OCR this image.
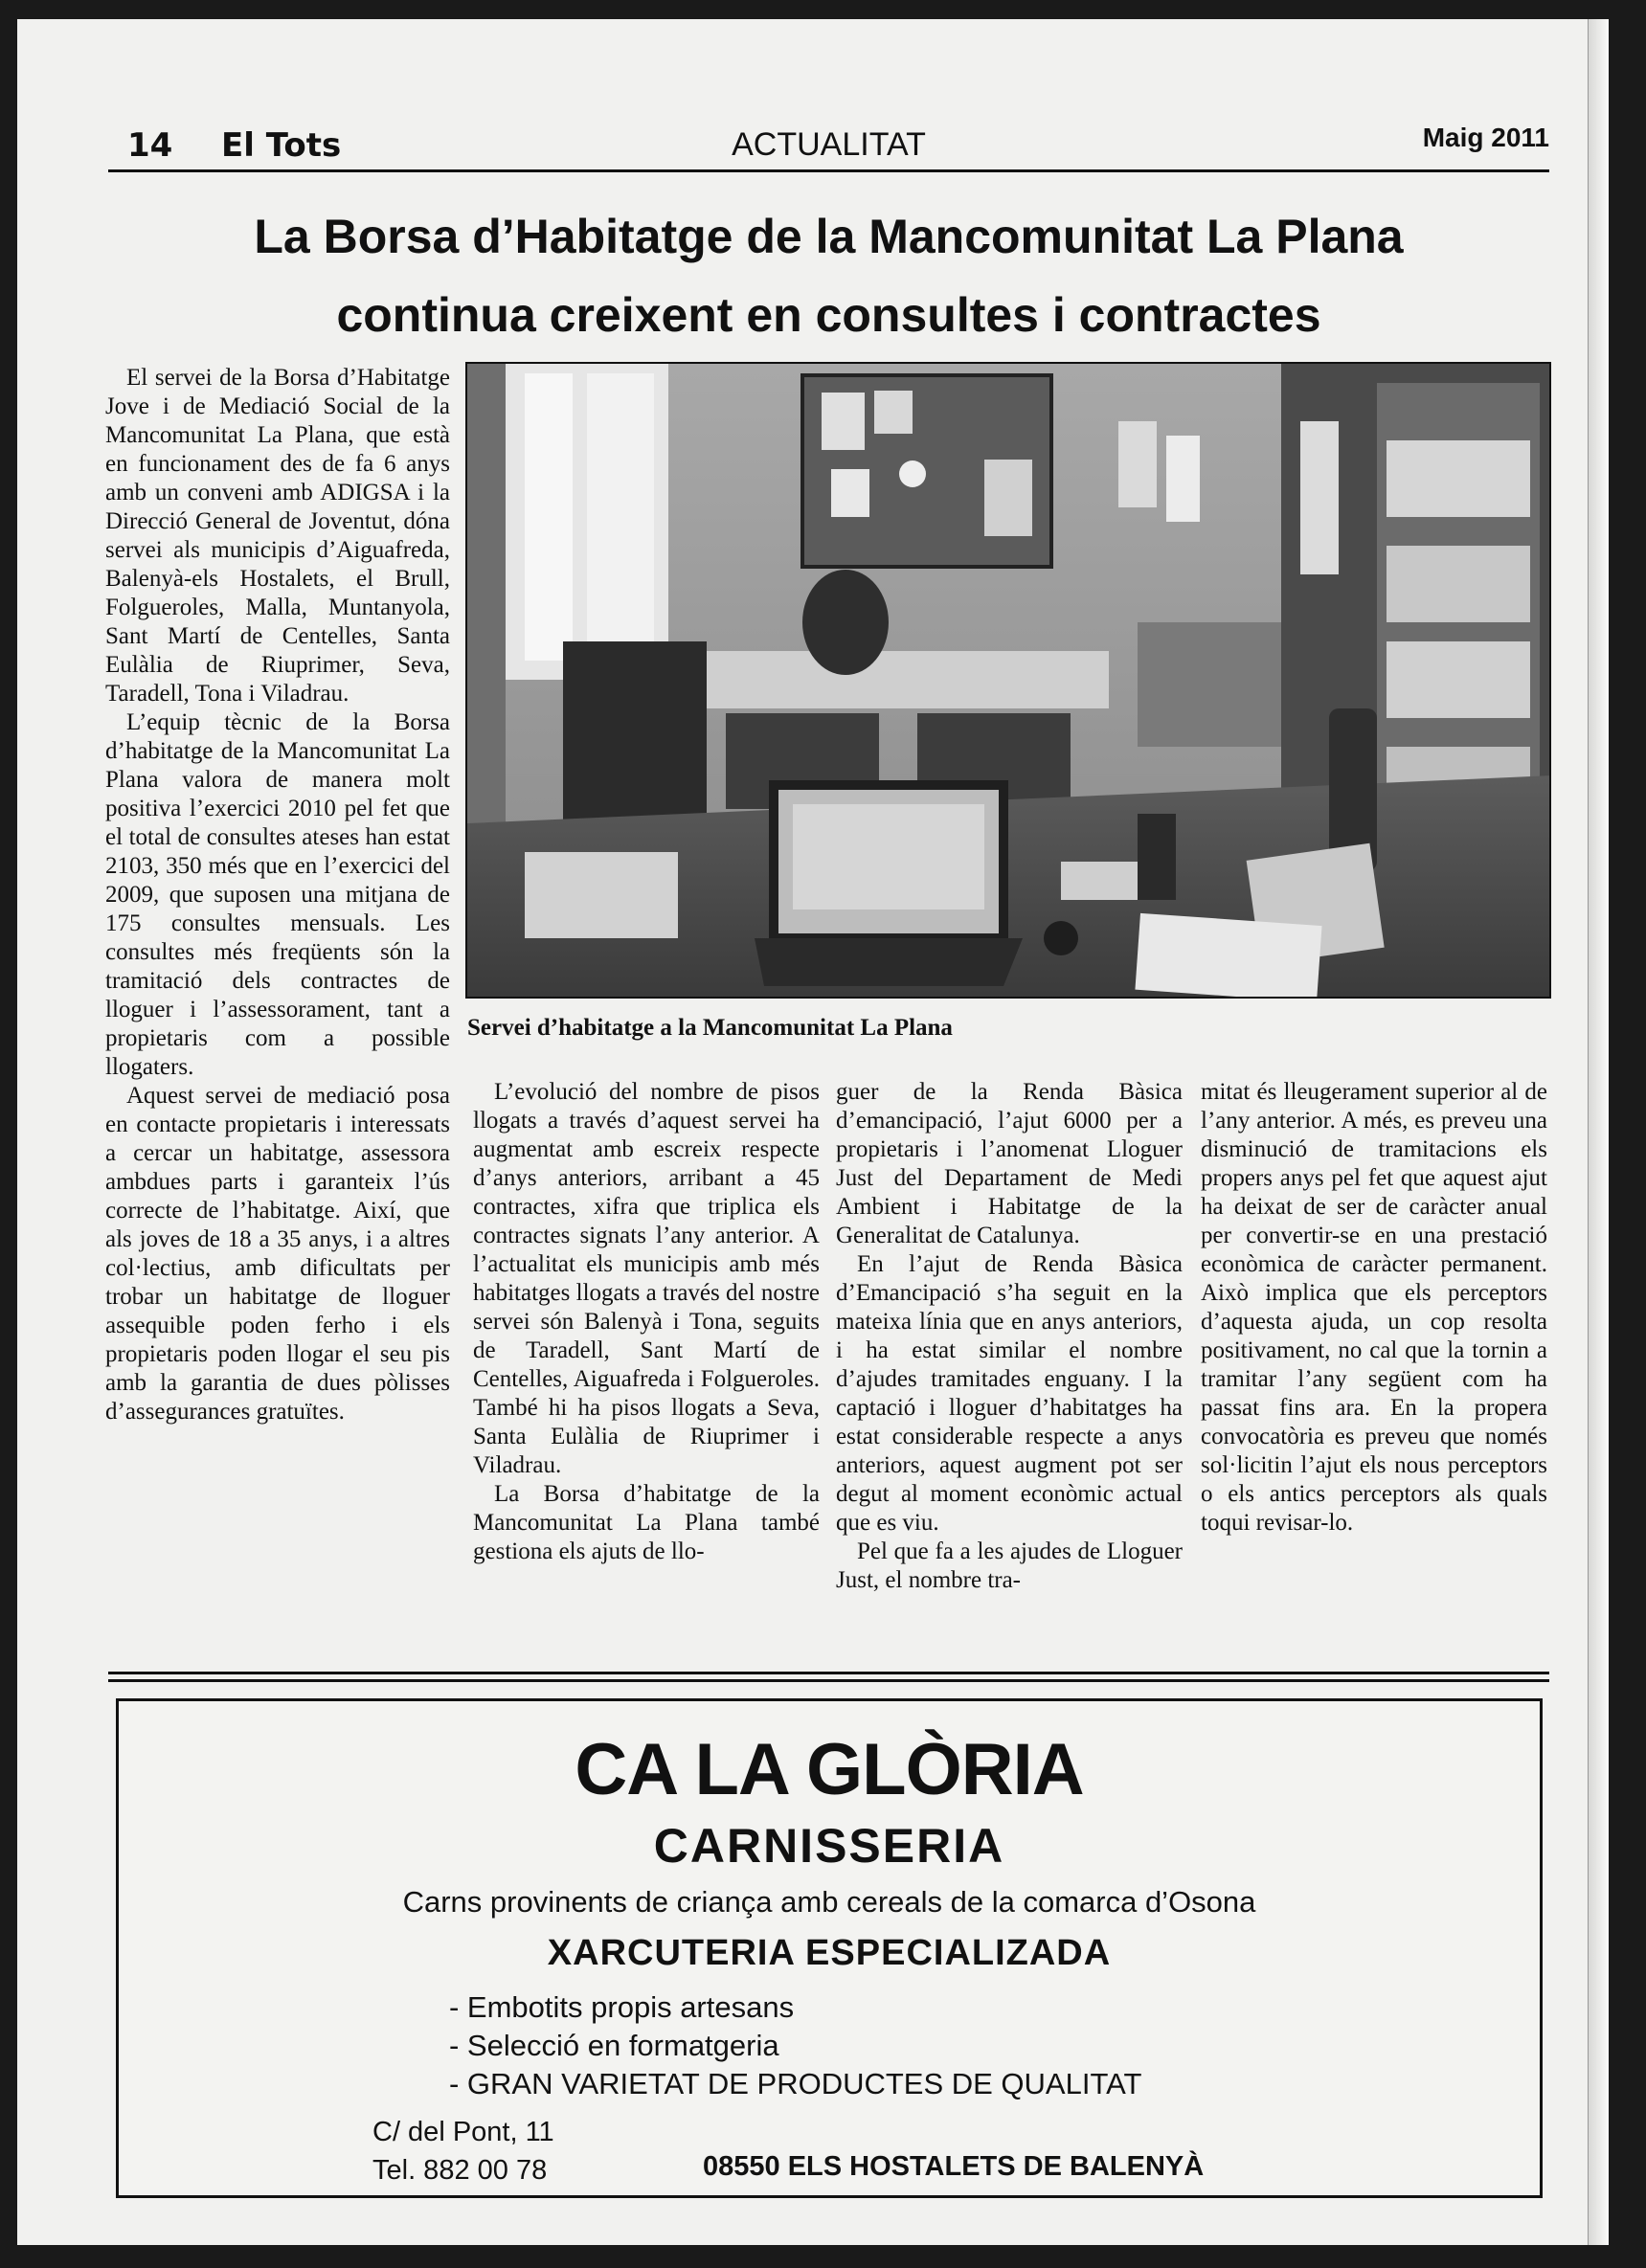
14 El Tots	ACTUALITAT	Maig 2011
La Borsa d’Habitatge de la Mancomunitat La Plana
continua creixent en consultes i contractes

El servei de la Borsa d’Habitatge Jove i de Mediació Social de la Mancomunitat La Plana, que està en funcionament des de fa 6 anys amb un conveni amb ADIGSA i la Direcció General de Joventut, dóna servei als municipis d’Aiguafreda, Balenyà-els Hostalets, el Brull, Folgueroles, Malla, Muntanyola, Sant Martí de Centelles, Santa Eulàlia de Riuprimer, Seva, Taradell, Tona i Viladrau.

L’equip tècnic de la Borsa d’habitatge de la Mancomunitat La Plana valora de manera molt positiva l’exercici 2010 pel fet que el total de consultes ateses han estat 2103, 350 més que en l’exercici del 2009, que suposen una mitjana de 175 consultes mensuals. Les consultes més freqüents són la tramitació dels contractes de lloguer i l’assessorament, tant a propietaris com a possible llogaters.

Aquest servei de mediació posa en contacte propietaris i interessats a cercar un habitatge, assessora ambdues parts i garanteix l’ús correcte de l’habitatge. Així, que als joves de 18 a 35 anys, i a altres col·lectius, amb dificultats per trobar un habitatge de lloguer assequible poden ferho i els propietaris poden llogar el seu pis amb la garantia de dues pòlisses d’assegurances gratuïtes.

Servei d’habitatge a la Mancomunitat La Plana

L’evolució del nombre de pisos llogats a través d’aquest servei ha augmentat amb escreix respecte d’anys anteriors, arribant a 45 contractes, xifra que triplica els contractes signats l’any anterior. A l’actualitat els municipis amb més habitatges llogats a través del nostre servei són Balenyà i Tona, seguits de Taradell, Sant Martí de Centelles, Aiguafreda i Folgueroles. També hi ha pisos llogats a Seva, Santa Eulàlia de Riuprimer i Viladrau.

La Borsa d’habitatge de la Mancomunitat La Plana també gestiona els ajuts de llo-

guer de la Renda Bàsica d’emancipació, l’ajut 6000 per a propietaris i l’anomenat Lloguer Just del Departament de Medi Ambient i Habitatge de la Generalitat de Catalunya.

En l’ajut de Renda Bàsica d’Emancipació s’ha seguit en la mateixa línia que en anys anteriors, i ha estat similar el nombre d’ajudes tramitades enguany. I la captació i lloguer d’habitatges ha estat considerable respecte a anys anteriors, aquest augment pot ser degut al moment econòmic actual que es viu.

Pel que fa a les ajudes de Lloguer Just, el nombre tra-

mitat és lleugerament superior al de l’any anterior. A més, es preveu una disminució de tramitacions els propers anys pel fet que aquest ajut ha deixat de ser de caràcter anual per convertir-se en una prestació econòmica de caràcter permanent. Això implica que els perceptors d’aquesta ajuda, un cop resolta positivament, no cal que la tornin a tramitar l’any següent com ha passat fins ara. En la propera convocatòria es preveu que només sol·licitin l’ajut els nous perceptors o els antics perceptors als quals toqui revisar-lo.

CA LA GLÒRIA
CARNISSERIA
Carns provinents de criança amb cereals de la comarca d’Osona
XARCUTERIA ESPECIALIZADA
- Embotits propis artesans
- Selecció en formatgeria
- GRAN VARIETAT DE PRODUCTES DE QUALITAT
C/ del Pont, 11
Tel. 882 00 78	08550 ELS HOSTALETS DE BALENYÀ
